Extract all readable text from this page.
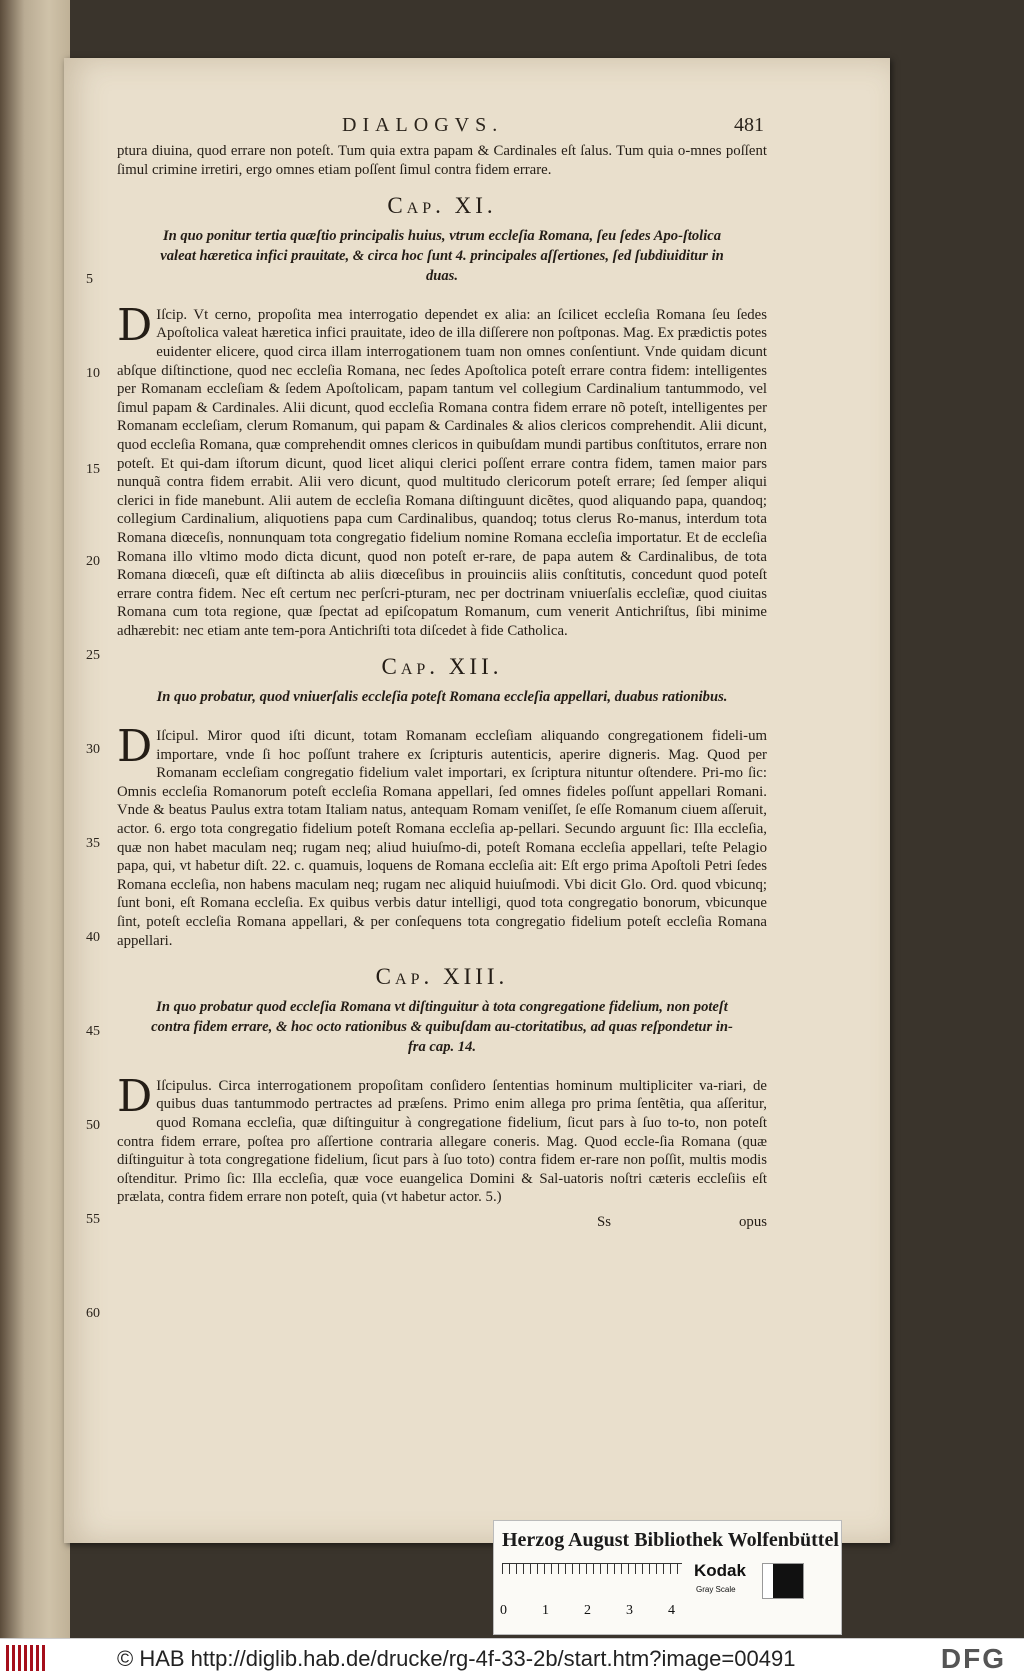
DIALOGVS.	481
5
10
15
20
25
30
35
40
45
50
55
60

ptura diuina, quod errare non poteſt. Tum quia extra papam & Cardinales eſt ſalus. Tum quia o-mnes poſſent ſimul crimine irretiri, ergo omnes etiam poſſent ſimul contra fidem errare.

Cap. XI.
In quo ponitur tertia quæſtio principalis huius, vtrum eccleſia Romana, ſeu ſedes Apo-ſtolica valeat hæretica infici prauitate, & circa hoc ſunt 4. principales aſſertiones, ſed ſubdiuiditur in duas.

D Iſcip. Vt cerno, propoſita mea interrogatio dependet ex alia: an ſcilicet eccleſia Romana ſeu ſedes Apoſtolica valeat hæretica infici prauitate, ideo de illa diſſerere non poſtponas. Mag. Ex prædictis potes euidenter elicere, quod circa illam interrogationem tuam non omnes conſentiunt. Vnde quidam dicunt abſque diſtinctione, quod nec eccleſia Romana, nec ſedes Apoſtolica poteſt errare contra fidem: intelligentes per Romanam eccleſiam & ſedem Apoſtolicam, papam tantum vel collegium Cardinalium tantummodo, vel ſimul papam & Cardinales. Alii dicunt, quod eccleſia Romana contra fidem errare nõ poteſt, intelligentes per Romanam eccleſiam, clerum Romanum, qui papam & Cardinales & alios clericos comprehendit. Alii dicunt, quod eccleſia Romana, quæ comprehendit omnes clericos in quibuſdam mundi partibus conſtitutos, errare non poteſt. Et qui-dam iſtorum dicunt, quod licet aliqui clerici poſſent errare contra fidem, tamen maior pars nunquã contra fidem errabit. Alii vero dicunt, quod multitudo clericorum poteſt errare; ſed ſemper aliqui clerici in fide manebunt. Alii autem de eccleſia Romana diſtinguunt dicẽtes, quod aliquando papa, quandoq; collegium Cardinalium, aliquotiens papa cum Cardinalibus, quandoq; totus clerus Ro-manus, interdum tota Romana diœceſis, nonnunquam tota congregatio fidelium nomine Romana eccleſia importatur. Et de eccleſia Romana illo vltimo modo dicta dicunt, quod non poteſt er-rare, de papa autem & Cardinalibus, de tota Romana diœceſi, quæ eſt diſtincta ab aliis diœceſibus in prouinciis aliis conſtitutis, concedunt quod poteſt errare contra fidem. Nec eſt certum nec perſcri-pturam, nec per doctrinam vniuerſalis eccleſiæ, quod ciuitas Romana cum tota regione, quæ ſpectat ad epiſcopatum Romanum, cum venerit Antichriſtus, ſibi minime adhærebit: nec etiam ante tem-pora Antichriſti tota diſcedet à fide Catholica.

Cap. XII.
In quo probatur, quod vniuerſalis eccleſia poteſt Romana eccleſia appellari, duabus rationibus.

D Iſcipul. Miror quod iſti dicunt, totam Romanam eccleſiam aliquando congregationem fideli-um importare, vnde ſi hoc poſſunt trahere ex ſcripturis autenticis, aperire digneris. Mag. Quod per Romanam eccleſiam congregatio fidelium valet importari, ex ſcriptura nituntur oſtendere. Pri-mo ſic: Omnis eccleſia Romanorum poteſt eccleſia Romana appellari, ſed omnes fideles poſſunt appellari Romani. Vnde & beatus Paulus extra totam Italiam natus, antequam Romam veniſſet, ſe eſſe Romanum ciuem aſſeruit, actor. 6. ergo tota congregatio fidelium poteſt Romana eccleſia ap-pellari. Secundo arguunt ſic: Illa eccleſia, quæ non habet maculam neq; rugam neq; aliud huiuſmo-di, poteſt Romana eccleſia appellari, teſte Pelagio papa, qui, vt habetur diſt. 22. c. quamuis, loquens de Romana eccleſia ait: Eſt ergo prima Apoſtoli Petri ſedes Romana eccleſia, non habens maculam neq; rugam nec aliquid huiuſmodi. Vbi dicit Glo. Ord. quod vbicunq; ſunt boni, eſt Romana eccleſia. Ex quibus verbis datur intelligi, quod tota congregatio bonorum, vbicunque ſint, poteſt eccleſia Romana appellari, & per conſequens tota congregatio fidelium poteſt eccleſia Romana appellari.

Cap. XIII.
In quo probatur quod eccleſia Romana vt diſtinguitur à tota congregatione fidelium, non poteſt contra fidem errare, & hoc octo rationibus & quibuſdam au-ctoritatibus, ad quas reſpondetur in-fra cap. 14.

D Iſcipulus. Circa interrogationem propoſitam conſidero ſententias hominum multipliciter va-riari, de quibus duas tantummodo pertractes ad præſens. Primo enim allega pro prima ſentẽtia, qua aſſeritur, quod Romana eccleſia, quæ diſtinguitur à congregatione fidelium, ſicut pars à ſuo to-to, non poteſt contra fidem errare, poſtea pro aſſertione contraria allegare coneris. Mag. Quod eccle-ſia Romana (quæ diſtinguitur à tota congregatione fidelium, ſicut pars à ſuo toto) contra fidem er-rare non poſſit, multis modis oſtenditur. Primo ſic: Illa eccleſia, quæ voce euangelica Domini & Sal-uatoris noſtri cæteris eccleſiis eſt prælata, contra fidem errare non poteſt, quia (vt habetur actor. 5.)

Ss	opus
Herzog August Bibliothek Wolfenbüttel
0	1	2	3	4
Kodak
Gray Scale
© HAB http://diglib.hab.de/drucke/rg-4f-33-2b/start.htm?image=00491	DFG
